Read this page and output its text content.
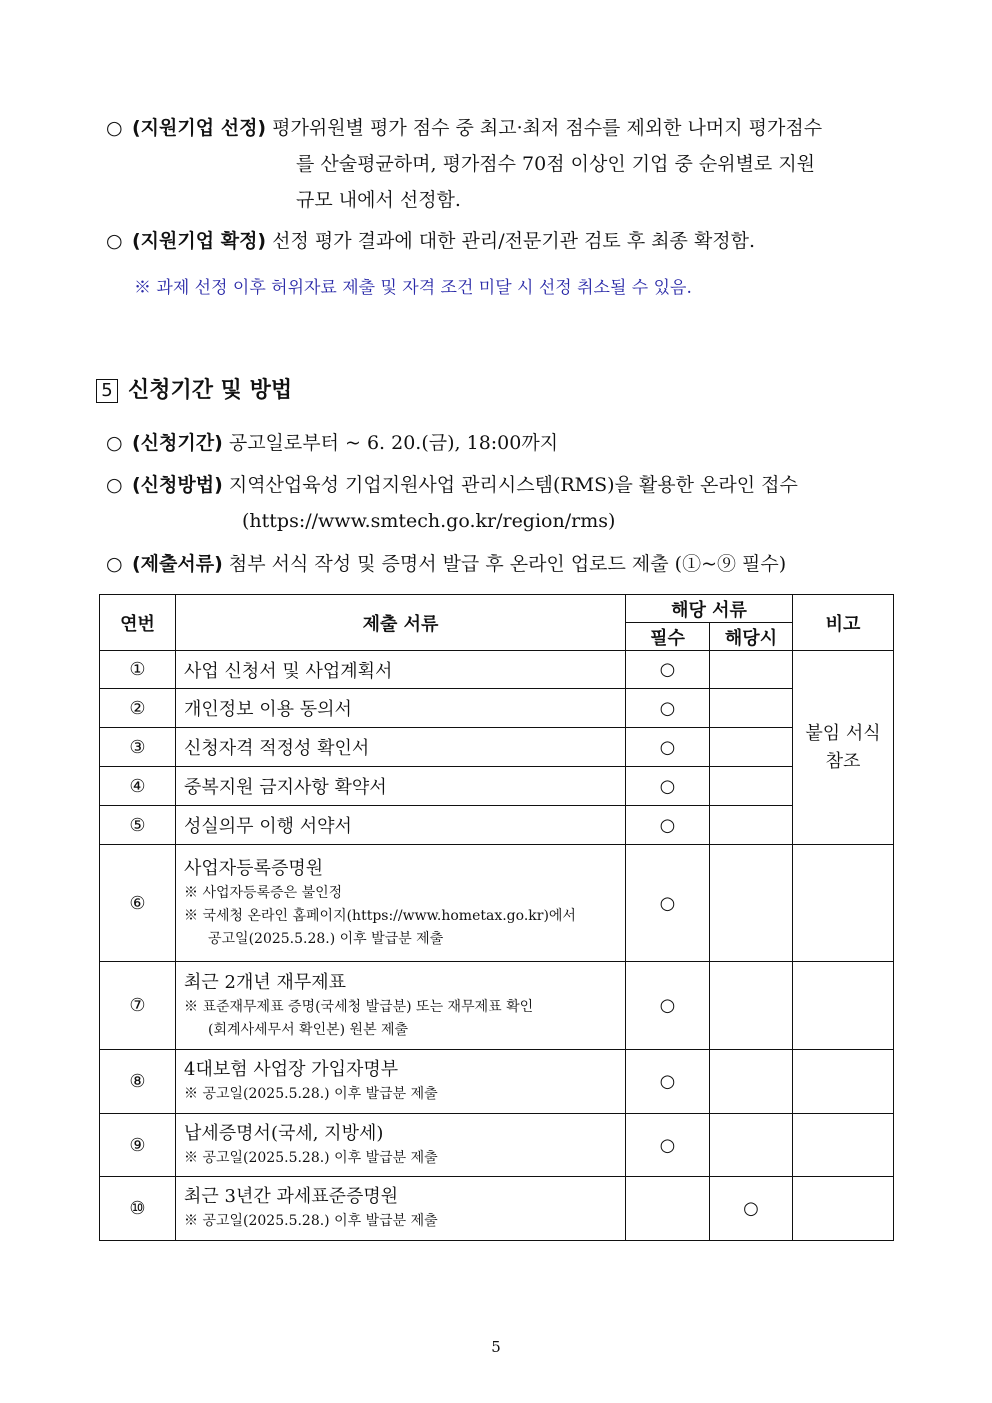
○ (지원기업 선정) 평가위원별 평가 점수 중 최고·최저 점수를 제외한 나머지 평가점수
를 산술평균하며, 평가점수 70점 이상인 기업 중 순위별로 지원
규모 내에서 선정함.
○ (지원기업 확정) 선정 평가 결과에 대한 관리/전문기관 검토 후 최종 확정함.
※ 과제 선정 이후 허위자료 제출 및 자격 조건 미달 시 선정 취소될 수 있음.
5 신청기간 및 방법
○ (신청기간) 공고일로부터 ~ 6. 20.(금), 18:00까지
○ (신청방법) 지역산업육성 기업지원사업 관리시스템(RMS)을 활용한 온라인 접수
(https://www.smtech.go.kr/region/rms)
○ (제출서류) 첨부 서식 작성 및 증명서 발급 후 온라인 업로드 제출 (①~⑨ 필수)
연번	제출 서류	해당 서류		비고
		필수	해당시	
①	사업 신청서 및 사업계획서	○		붙임 서식
참조

②	개인정보 이용 동의서	○		
③	신청자격 적정성 확인서	○		
④	중복지원 금지사항 확약서	○		
⑤	성실의무 이행 서약서	○		
⑥	사업자등록증명원
※ 사업자등록증은 불인정
※ 국세청 온라인 홈페이지(https://www.hometax.go.kr)에서
공고일(2025.5.28.) 이후 발급분 제출	○		
⑦	최근 2개년 재무제표
※ 표준재무제표 증명(국세청 발급분) 또는 재무제표 확인
(회계사세무서 확인본) 원본 제출	○		
⑧	4대보험 사업장 가입자명부
※ 공고일(2025.5.28.) 이후 발급분 제출	○		
⑨	납세증명서(국세, 지방세)
※ 공고일(2025.5.28.) 이후 발급분 제출	○		
⑩	최근 3년간 과세표준증명원
※ 공고일(2025.5.28.) 이후 발급분 제출		○	
5
